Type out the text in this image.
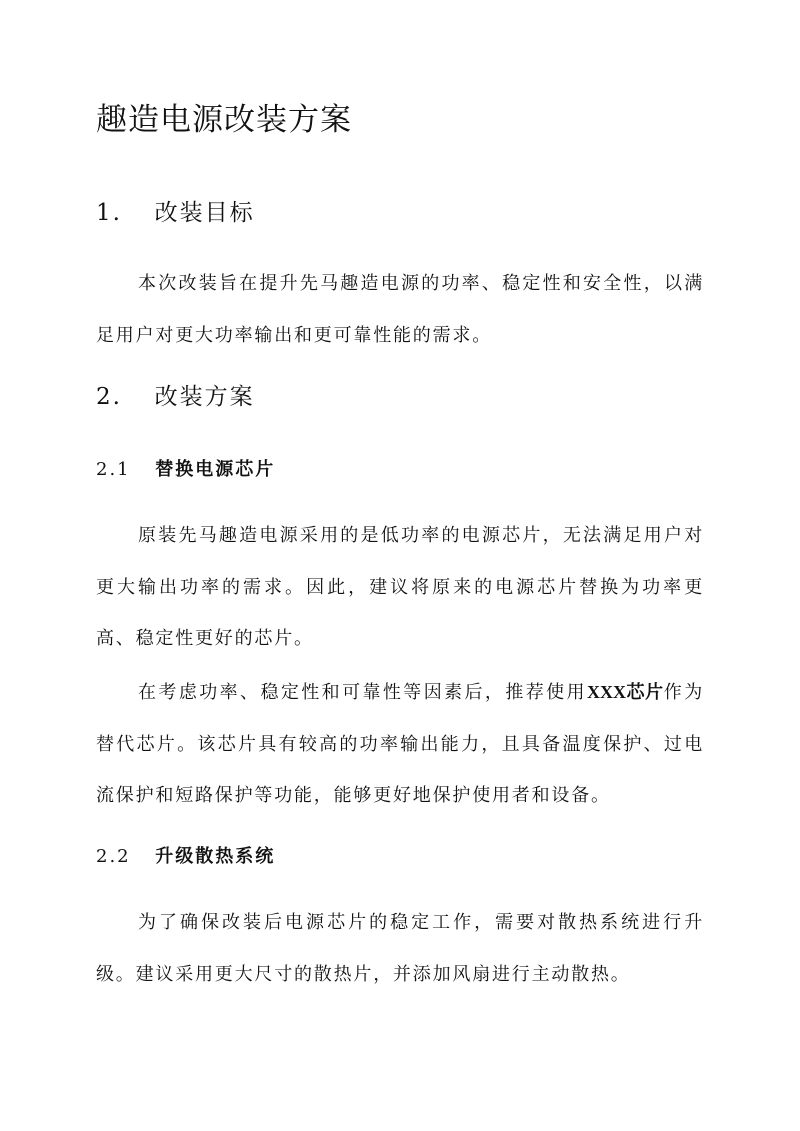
趣造电源改装方案
1. 改装目标

本次改装旨在提升先马趣造电源的功率、稳定性和安全性，以满足用户对更大功率输出和更可靠性能的需求。

2. 改装方案
2.1 替换电源芯片

原装先马趣造电源采用的是低功率的电源芯片，无法满足用户对更大输出功率的需求。因此，建议将原来的电源芯片替换为功率更高、稳定性更好的芯片。

在考虑功率、稳定性和可靠性等因素后，推荐使用XXX芯片作为替代芯片。该芯片具有较高的功率输出能力，且具备温度保护、过电流保护和短路保护等功能，能够更好地保护使用者和设备。

2.2 升级散热系统

为了确保改装后电源芯片的稳定工作，需要对散热系统进行升级。建议采用更大尺寸的散热片，并添加风扇进行主动散热。
